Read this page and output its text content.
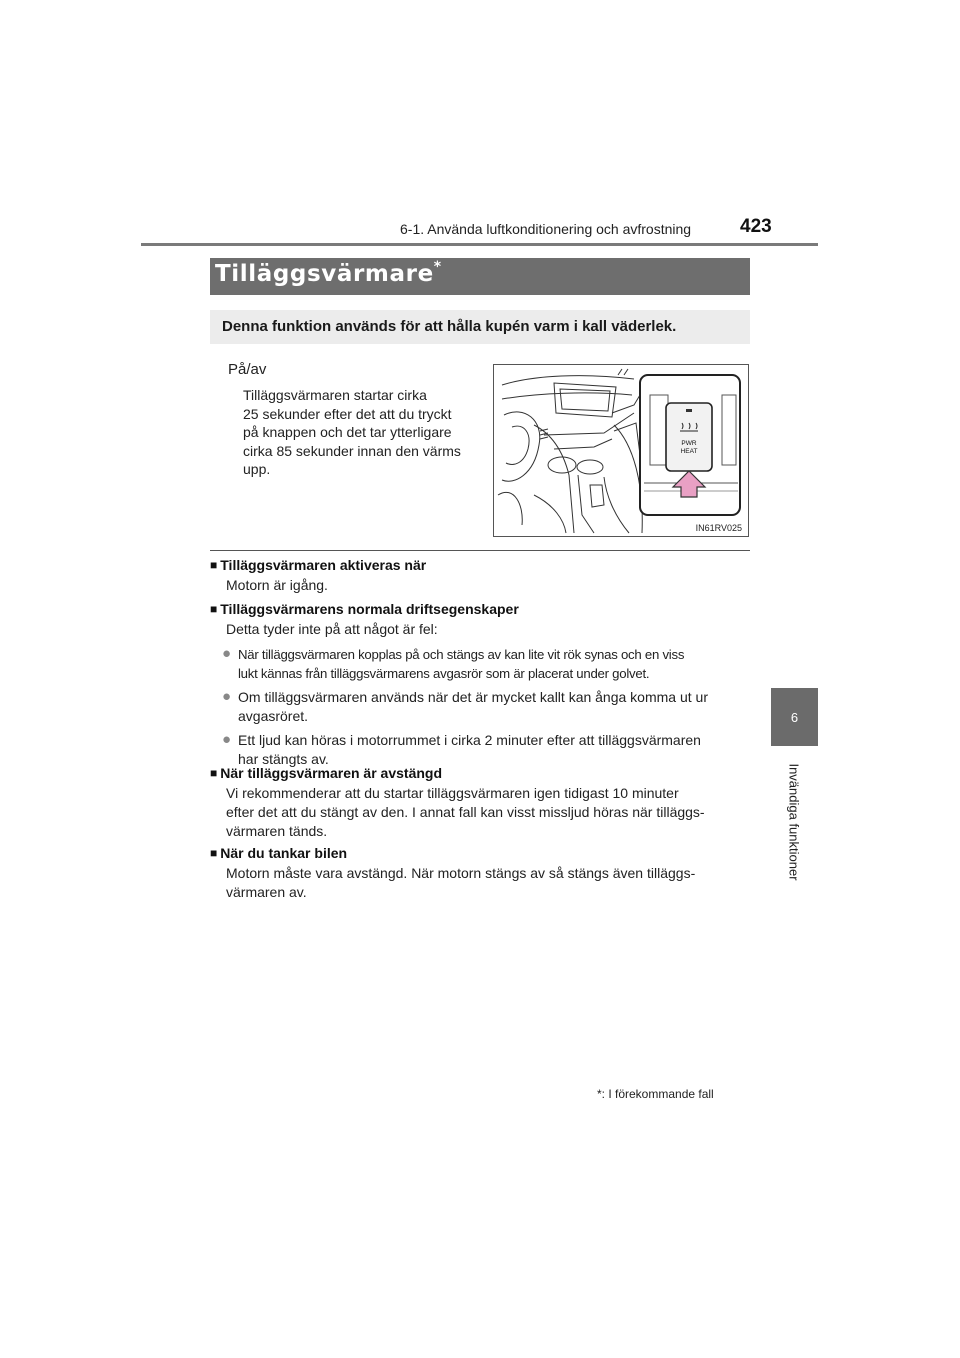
6-1. Använda luftkonditionering och avfrostning	423
6
Invändiga funktioner
Tilläggsvärmare *
Denna funktion används för att hålla kupén varm i kall väderlek.
På/av
Tilläggsvärmaren startar cirka
25 sekunder efter det att du tryckt
på knappen och det tar ytterligare
cirka 85 sekunder innan den värms
upp.
PWR
HEAT
IN61RV025
■ Tilläggsvärmaren aktiveras när
Motorn är igång.
■ Tilläggsvärmarens normala driftsegenskaper
Detta tyder inte på att något är fel:
● När tilläggsvärmaren kopplas på och stängs av kan lite vit rök synas och en viss
lukt kännas från tilläggsvärmarens avgasrör som är placerat under golvet.
● Om tilläggsvärmaren används när det är mycket kallt kan ånga komma ut ur
avgasröret.
● Ett ljud kan höras i motorrummet i cirka 2 minuter efter att tilläggsvärmaren
har stängts av.
■ När tilläggsvärmaren är avstängd
Vi rekommenderar att du startar tilläggsvärmaren igen tidigast 10 minuter
efter det att du stängt av den. I annat fall kan visst missljud höras när tilläggs-
värmaren tänds.
■ När du tankar bilen
Motorn måste vara avstängd. När motorn stängs av så stängs även tilläggs-
värmaren av.
*: I förekommande fall
